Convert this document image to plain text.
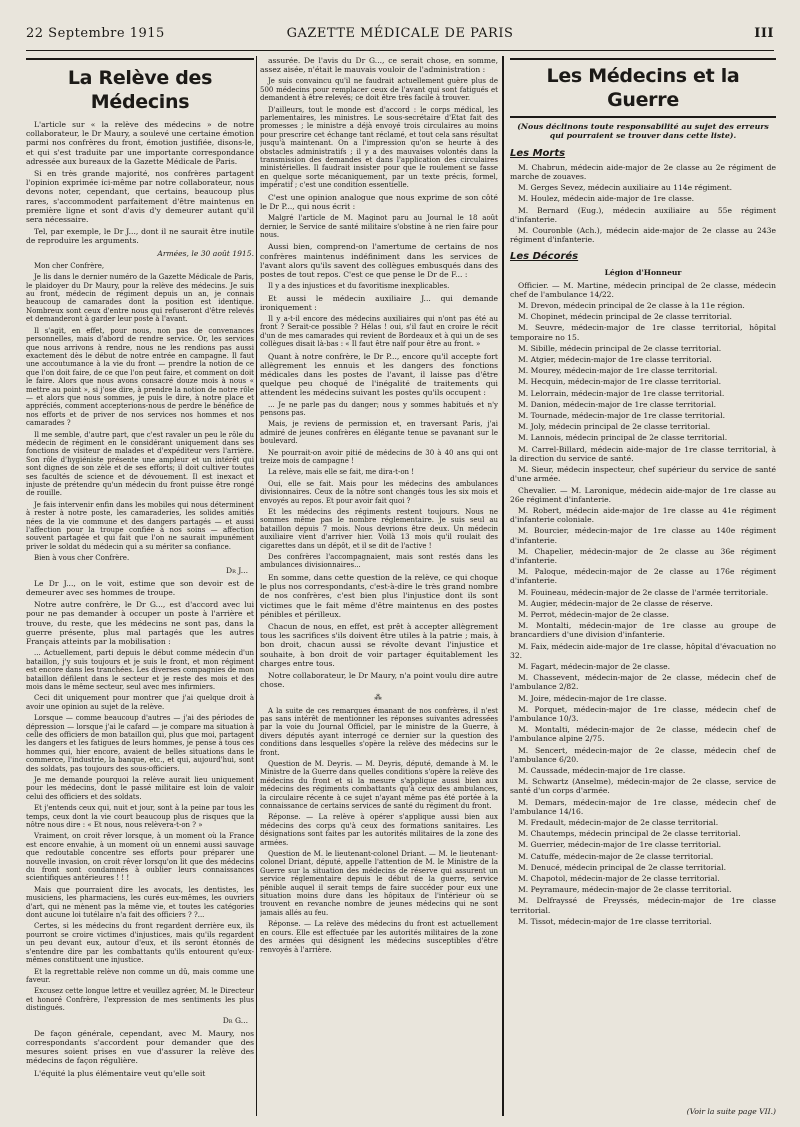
22 Septembre 1915	GAZETTE MÉDICALE DE PARIS	III
La Relève des Médecins

L'article sur « la relève des médecins » de notre collaborateur, le Dr Maury, a soulevé une certaine émotion parmi nos confrères du front, émotion justifiée, disons-le, et qui s'est traduite par une importante correspondance adressée aux bureaux de la Gazette Médicale de Paris.

Si en très grande majorité, nos confrères partagent l'opinion exprimée ici-même par notre collaborateur, nous devons noter, cependant, que certains, beaucoup plus rares, s'accommodent parfaitement d'être maintenus en première ligne et sont d'avis d'y demeurer autant qu'il sera nécessaire.

Tel, par exemple, le Dr J..., dont il ne saurait être inutile de reproduire les arguments.

Armées, le 30 août 1915.

Mon cher Confrère,

Je lis dans le dernier numéro de la Gazette Médicale de Paris, le plaidoyer du Dr Maury, pour la relève des médecins. Je suis au front, médecin de régiment depuis un an, je connais beaucoup de camarades dont la position est identique. Nombreux sont ceux d'entre nous qui refuseront d'être relevés et demanderont à garder leur poste à l'avant.

Il s'agit, en effet, pour nous, non pas de convenances personnelles, mais d'abord de rendre service. Or, les services que nous arrivons à rendre, nous ne les rendions pas aussi exactement dès le début de notre entrée en campagne. Il faut une accoutumance à la vie du front — prendre la notion de ce que l'on doit faire, de ce que l'on peut faire, et comment on doit le faire. Alors que nous avons consacré douze mois à nous « mettre au point », si j'ose dire, à prendre la notion de notre rôle — et alors que nous sommes, je puis le dire, à notre place et appréciés, comment accepterions-nous de perdre le bénéfice de nos efforts et de priver de nos services nos hommes et nos camarades ?

Il me semble, d'autre part, que c'est ravaler un peu le rôle du médecin de régiment en le considérant uniquement dans ses fonctions de visiteur de malades et d'expéditeur vers l'arrière. Son rôle d'hygiéniste présente une ampleur et un intérêt qui sont dignes de son zèle et de ses efforts; il doit cultiver toutes ses facultés de science et de dévouement. Il est inexact et injuste de prétendre qu'un médecin du front puisse être rongé de rouille.

Je fais intervenir enfin dans les mobiles qui nous déterminent à rester à notre poste, les camaraderies, les solides amitiés nées de la vie commune et des dangers partagés — et aussi l'affection pour la troupe confiée à nos soins — affection souvent partagée et qui fait que l'on ne saurait impunément priver le soldat du médecin qui a su mériter sa confiance.

Bien à vous cher Confrère.

Dr J...

Le Dr J..., on le voit, estime que son devoir est de demeurer avec ses hommes de troupe.

Notre autre confrère, le Dr G..., est d'accord avec lui pour ne pas demander à occuper un poste à l'arrière et trouve, du reste, que les médecins ne sont pas, dans la guerre présente, plus mal partagés que les autres Français atteints par la mobilisation :

... Actuellement, parti depuis le début comme médecin d'un bataillon, j'y suis toujours et je suis le front, et mon régiment est encore dans les tranchées. Les diverses compagnies de mon bataillon défilent dans le secteur et je reste des mois et des mois dans le même secteur, seul avec mes infirmiers.

Ceci dit uniquement pour montrer que j'ai quelque droit à avoir une opinion au sujet de la relève.

Lorsque — comme beaucoup d'autres — j'ai des périodes de dépression — lorsque j'ai le cafard — je compare ma situation à celle des officiers de mon bataillon qui, plus que moi, partagent les dangers et les fatigues de leurs hommes, je pense à tous ces hommes qui, hier encore, avaient de belles situations dans le commerce, l'industrie, la banque, etc., et qui, aujourd'hui, sont des soldats, pas toujours des sous-officiers.

Je me demande pourquoi la relève aurait lieu uniquement pour les médecins, dont le passé militaire est loin de valoir celui des officiers et des soldats.

Et j'entends ceux qui, nuit et jour, sont à la peine par tous les temps, ceux dont la vie court beaucoup plus de risques que la nôtre nous dire : « Et nous, nous relèvera-t-on ? »

Vraiment, on croit rêver lorsque, à un moment où la France est encore envahie, à un moment où un ennemi aussi sauvage que redoutable concentre ses efforts pour préparer une nouvelle invasion, on croit rêver lorsqu'on lit que des médecins du front sont condamnés à oublier leurs connaissances scientifiques antérieures ! ! !

Mais que pourraient dire les avocats, les dentistes, les musiciens, les pharmaciens, les curés eux-mêmes, les ouvriers d'art, qui ne mènent pas la même vie, et toutes les catégories dont aucune loi tutélaire n'a fait des officiers ? ?...

Certes, si les médecins du front regardent derrière eux, ils pourront se croire victimes d'injustices, mais qu'ils regardent un peu devant eux, autour d'eux, et ils seront étonnés de s'entendre dire par les combattants qu'ils entourent qu'eux-mêmes constituent une injustice.

Et la regrettable relève non comme un dû, mais comme une faveur.

Excusez cette longue lettre et veuillez agréer, M. le Directeur et honoré Confrère, l'expression de mes sentiments les plus distingués.

Dr G...

De façon générale, cependant, avec M. Maury, nos correspondants s'accordent pour demander que des mesures soient prises en vue d'assurer la relève des médecins de façon régulière.

L'équité la plus élémentaire veut qu'elle soit

assurée. De l'avis du Dr G..., ce serait chose, en somme, assez aisée, n'était le mauvais vouloir de l'administration :

Je suis convaincu qu'il ne faudrait actuellement guère plus de 500 médecins pour remplacer ceux de l'avant qui sont fatigués et demandent à être relevés; ce doit être très facile à trouver.

D'ailleurs, tout le monde est d'accord : le corps médical, les parlementaires, les ministres. Le sous-secrétaire d'Etat fait des promesses ; le ministre a déjà envoyé trois circulaires au moins pour prescrire cet échange tant réclamé, et tout cela sans résultat jusqu'à maintenant. On a l'impression qu'on se heurte à des obstacles administratifs ; il y a des mauvaises volontés dans la transmission des demandes et dans l'application des circulaires ministérielles. Il faudrait insister pour que le roulement se fasse en quelque sorte mécaniquement, par un texte précis, formel, impératif ; c'est une condition essentielle.

C'est une opinion analogue que nous exprime de son côté le Dr P..., qui nous écrit :

Malgré l'article de M. Maginot paru au Journal le 18 août dernier, le Service de santé militaire s'obstine à ne rien faire pour nous.

Aussi bien, comprend-on l'amertume de certains de nos confrères maintenus indéfiniment dans les services de l'avant alors qu'ils savent des collègues embusqués dans des postes de tout repos. C'est ce que pense le Dr de F... :

Il y a des injustices et du favoritisme inexplicables.

Et aussi le médecin auxiliaire J... qui demande ironiquement :

Il y a-t-il encore des médecins auxiliaires qui n'ont pas été au front ? Serait-ce possible ? Hélas ! oui, s'il faut en croire le récit d'un de mes camarades qui revient de Bordeaux et à qui un de ses collègues disait là-bas : « Il faut être naïf pour être au front. »

Quant à notre confrère, le Dr P..., encore qu'il accepte fort allègrement les ennuis et les dangers des fonctions médicales dans les postes de l'avant, il laisse pas d'être quelque peu choqué de l'inégalité de traitements qui attendent les médecins suivant les postes qu'ils occupent :

... Je ne parle pas du danger; nous y sommes habitués et n'y pensons pas.

Mais, je reviens de permission et, en traversant Paris, j'ai admiré de jeunes confrères en élégante tenue se pavanant sur le boulevard.

Ne pourrait-on avoir pitié de médecins de 30 à 40 ans qui ont treize mois de campagne !

La relève, mais elle se fait, me dira-t-on !

Oui, elle se fait. Mais pour les médecins des ambulances divisionnaires. Ceux de la nôtre sont changés tous les six mois et envoyés au repos. Et pour avoir fait quoi ?

Et les médecins des régiments restent toujours. Nous ne sommes même pas le nombre réglementaire. Je suis seul au bataillon depuis 7 mois. Nous devrions être deux. Un médecin auxiliaire vient d'arriver hier. Voilà 13 mois qu'il roulait des cigarettes dans un dépôt, et il se dit de l'active !

Des confrères l'accompagnaient, mais sont restés dans les ambulances divisionnaires...

En somme, dans cette question de la relève, ce qui choque le plus nos correspondants, c'est-à-dire le très grand nombre de nos confrères, c'est bien plus l'injustice dont ils sont victimes que le fait même d'être maintenus en des postes pénibles et périlleux.

Chacun de nous, en effet, est prêt à accepter allègrement tous les sacrifices s'ils doivent être utiles à la patrie ; mais, à bon droit, chacun aussi se révolte devant l'injustice et souhaite, à bon droit de voir partager équitablement les charges entre tous.

Notre collaborateur, le Dr Maury, n'a point voulu dire autre chose.

⁂

A la suite de ces remarques émanant de nos confrères, il n'est pas sans intérêt de mentionner les réponses suivantes adressées par la voie du Journal Officiel, par le ministre de la Guerre, à divers députés ayant interrogé ce dernier sur la question des conditions dans lesquelles s'opère la relève des médecins sur le front.

Question de M. Deyris. — M. Deyris, député, demande à M. le Ministre de la Guerre dans quelles conditions s'opère la relève des médecins du front et si la mesure s'applique aussi bien aux médecins des régiments combattants qu'à ceux des ambulances, la circulaire récente à ce sujet n'ayant même pas été portée à la connaissance de certains services de santé du régiment du front.

Réponse. — La relève à opérer s'applique aussi bien aux médecins des corps qu'à ceux des formations sanitaires. Les désignations sont faites par les autorités militaires de la zone des armées.

Question de M. le lieutenant-colonel Driant. — M. le lieutenant-colonel Driant, député, appelle l'attention de M. le Ministre de la Guerre sur la situation des médecins de réserve qui assurent un service réglementaire depuis le début de la guerre, service pénible auquel il serait temps de faire succéder pour eux une situation moins dure dans les hôpitaux de l'intérieur où se trouvent en revanche nombre de jeunes médecins qui ne sont jamais allés au feu.

Réponse. — La relève des médecins du front est actuellement en cours. Elle est effectuée par les autorités militaires de la zone des armées qui désignent les médecins susceptibles d'être renvoyés à l'arrière.

Les Médecins et la Guerre
(Nous déclinons toute responsabilité au sujet des erreurs qui pourraient se trouver dans cette liste).
Les Morts
M. Chabrun, médecin aide-major de 2e classe au 2e régiment de marche de zouaves.
M. Gerges Sevez, médecin auxiliaire au 114e régiment.
M. Houlez, médecin aide-major de 1re classe.
M. Bernard (Eug.), médecin auxiliaire au 55e régiment d'infanterie.
M. Couronble (Ach.), médecin aide-major de 2e classe au 243e régiment d'infanterie.
Les Décorés
Légion d'Honneur
Officier. — M. Martine, médecin principal de 2e classe, médecin chef de l'ambulance 14/22.
M. Drevon, médecin principal de 2e classe à la 11e région.
M. Chopinet, médecin principal de 2e classe territorial.
M. Seuvre, médecin-major de 1re classe territorial, hôpital temporaire no 15.
M. Sibille, médecin principal de 2e classe territorial.
M. Atgier, médecin-major de 1re classe territorial.
M. Mourey, médecin-major de 1re classe territorial.
M. Hecquin, médecin-major de 1re classe territorial.
M. Lelorrain, médecin-major de 1re classe territorial.
M. Danion, médecin-major de 1re classe territorial.
M. Tournade, médecin-major de 1re classe territorial.
M. Joly, médecin principal de 2e classe territorial.
M. Lannois, médecin principal de 2e classe territorial.
M. Carrel-Billard, médecin aide-major de 1re classe territorial, à la direction du service de santé.
M. Sieur, médecin inspecteur, chef supérieur du service de santé d'une armée.
Chevalier. — M. Laronique, médecin aide-major de 1re classe au 26e régiment d'infanterie.
M. Robert, médecin aide-major de 1re classe au 41e régiment d'infanterie coloniale.
M. Bourcier, médecin-major de 1re classe au 140e régiment d'infanterie.
M. Chapelier, médecin-major de 2e classe au 36e régiment d'infanterie.
M. Paloque, médecin-major de 2e classe au 176e régiment d'infanterie.
M. Fouineau, médecin-major de 2e classe de l'armée territoriale.
M. Augier, médecin-major de 2e classe de réserve.
M. Perrot, médecin-major de 2e classe.
M. Montalti, médecin-major de 1re classe au groupe de brancardiers d'une division d'infanterie.
M. Faix, médecin aide-major de 1re classe, hôpital d'évacuation no 32.
M. Fagart, médecin-major de 2e classe.
M. Chassevent, médecin-major de 2e classe, médecin chef de l'ambulance 2/82.
M. Joire, médecin-major de 1re classe.
M. Porquet, médecin-major de 1re classe, médecin chef de l'ambulance 10/3.
M. Montalti, médecin-major de 2e classe, médecin chef de l'ambulance alpine 2/75.
M. Sencert, médecin-major de 2e classe, médecin chef de l'ambulance 6/20.
M. Caussade, médecin-major de 1re classe.
M. Schwartz (Anselme), médecin-major de 2e classe, service de santé d'un corps d'armée.
M. Demars, médecin-major de 1re classe, médecin chef de l'ambulance 14/16.
M. Fredault, médecin-major de 2e classe territorial.
M. Chautemps, médecin principal de 2e classe territorial.
M. Guerrier, médecin-major de 1re classe territorial.
M. Catuffe, médecin-major de 2e classe territorial.
M. Denucé, médecin principal de 2e classe territorial.
M. Chapotol, médecin-major de 2e classe territorial.
M. Peyramaure, médecin-major de 2e classe territorial.
M. Delfrayssé de Freyssés, médecin-major de 1re classe territorial.
M. Tissot, médecin-major de 1re classe territorial.
(Voir la suite page VII.)
